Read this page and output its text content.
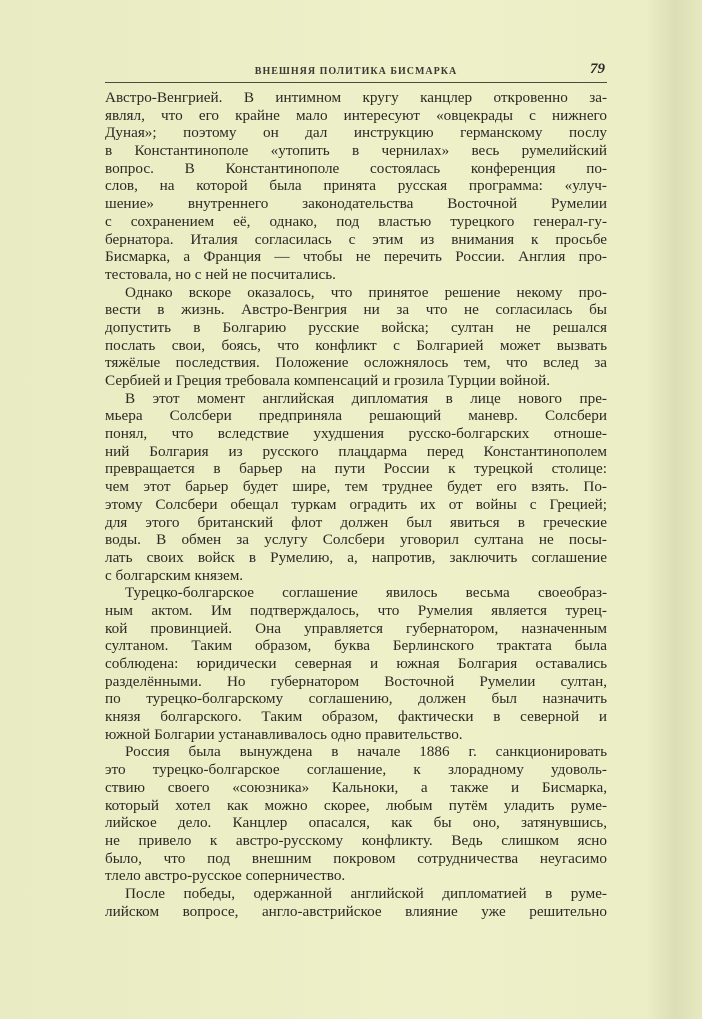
ВНЕШНЯЯ ПОЛИТИКА БИСМАРКА	79
Австро-Венгрией. В интимном кругу канцлер откровенно за-
являл, что его крайне мало интересуют «овцекрады с нижнего
Дуная»; поэтому он дал инструкцию германскому послу
в Константинополе «утопить в чернилах» весь румелийский
вопрос. В Константинополе состоялась конференция по-
слов, на которой была принята русская программа: «улуч-
шение» внутреннего законодательства Восточной Румелии
с сохранением её, однако, под властью турецкого генерал-гу-
бернатора. Италия согласилась с этим из внимания к просьбе
Бисмарка, а Франция — чтобы не перечить России. Англия про-
тестовала, но с ней не посчитались.
Однако вскоре оказалось, что принятое решение некому про-
вести в жизнь. Австро-Венгрия ни за что не согласилась бы
допустить в Болгарию русские войска; султан не решался
послать свои, боясь, что конфликт с Болгарией может вызвать
тяжёлые последствия. Положение осложнялось тем, что вслед за
Сербией и Греция требовала компенсаций и грозила Турции войной.
В этот момент английская дипломатия в лице нового пре-
мьера Солсбери предприняла решающий маневр. Солсбери
понял, что вследствие ухудшения русско-болгарских отноше-
ний Болгария из русского плацдарма перед Константинополем
превращается в барьер на пути России к турецкой столице:
чем этот барьер будет шире, тем труднее будет его взять. По-
этому Солсбери обещал туркам оградить их от войны с Грецией;
для этого британский флот должен был явиться в греческие
воды. В обмен за услугу Солсбери уговорил султана не посы-
лать своих войск в Румелию, а, напротив, заключить соглашение
с болгарским князем.
Турецко-болгарское соглашение явилось весьма своеобраз-
ным актом. Им подтверждалось, что Румелия является турец-
кой провинцией. Она управляется губернатором, назначенным
султаном. Таким образом, буква Берлинского трактата была
соблюдена: юридически северная и южная Болгария оставались
разделёнными. Но губернатором Восточной Румелии султан,
по турецко-болгарскому соглашению, должен был назначить
князя болгарского. Таким образом, фактически в северной и
южной Болгарии устанавливалось одно правительство.
Россия была вынуждена в начале 1886 г. санкционировать
это турецко-болгарское соглашение, к злорадному удоволь-
ствию своего «союзника» Кальноки, а также и Бисмарка,
который хотел как можно скорее, любым путём уладить руме-
лийское дело. Канцлер опасался, как бы оно, затянувшись,
не привело к австро-русскому конфликту. Ведь слишком ясно
было, что под внешним покровом сотрудничества неугасимо
тлело австро-русское соперничество.
После победы, одержанной английской дипломатией в руме-
лийском вопросе, англо-австрийское влияние уже решительно
